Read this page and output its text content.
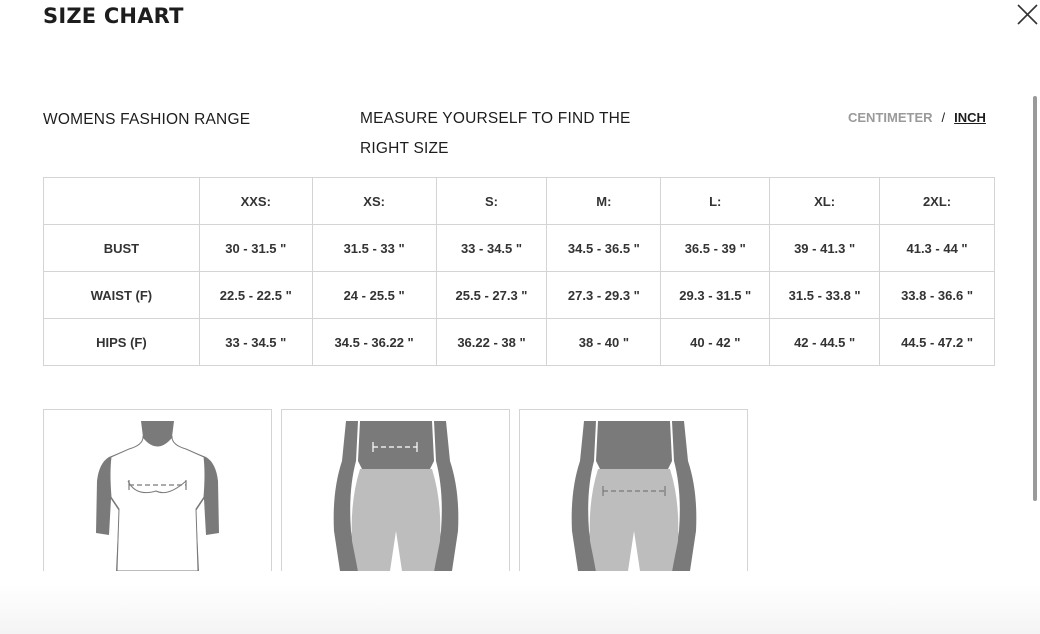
SIZE CHART
WOMENS FASHION RANGE	MEASURE YOURSELF TO FIND THE RIGHT SIZE
CENTIMETER / INCH
	XXS:	XS:	S:	M:	L:	XL:	2XL:
BUST	30 - 31.5 "	31.5 - 33 "	33 - 34.5 "	34.5 - 36.5 "	36.5 - 39 "	39 - 41.3 "	41.3 - 44 "
WAIST (F)	22.5 - 22.5 "	24 - 25.5 "	25.5 - 27.3 "	27.3 - 29.3 "	29.3 - 31.5 "	31.5 - 33.8 "	33.8 - 36.6 "
HIPS (F)	33 - 34.5 "	34.5 - 36.22 "	36.22 - 38 "	38 - 40 "	40 - 42 "	42 - 44.5 "	44.5 - 47.2 "
